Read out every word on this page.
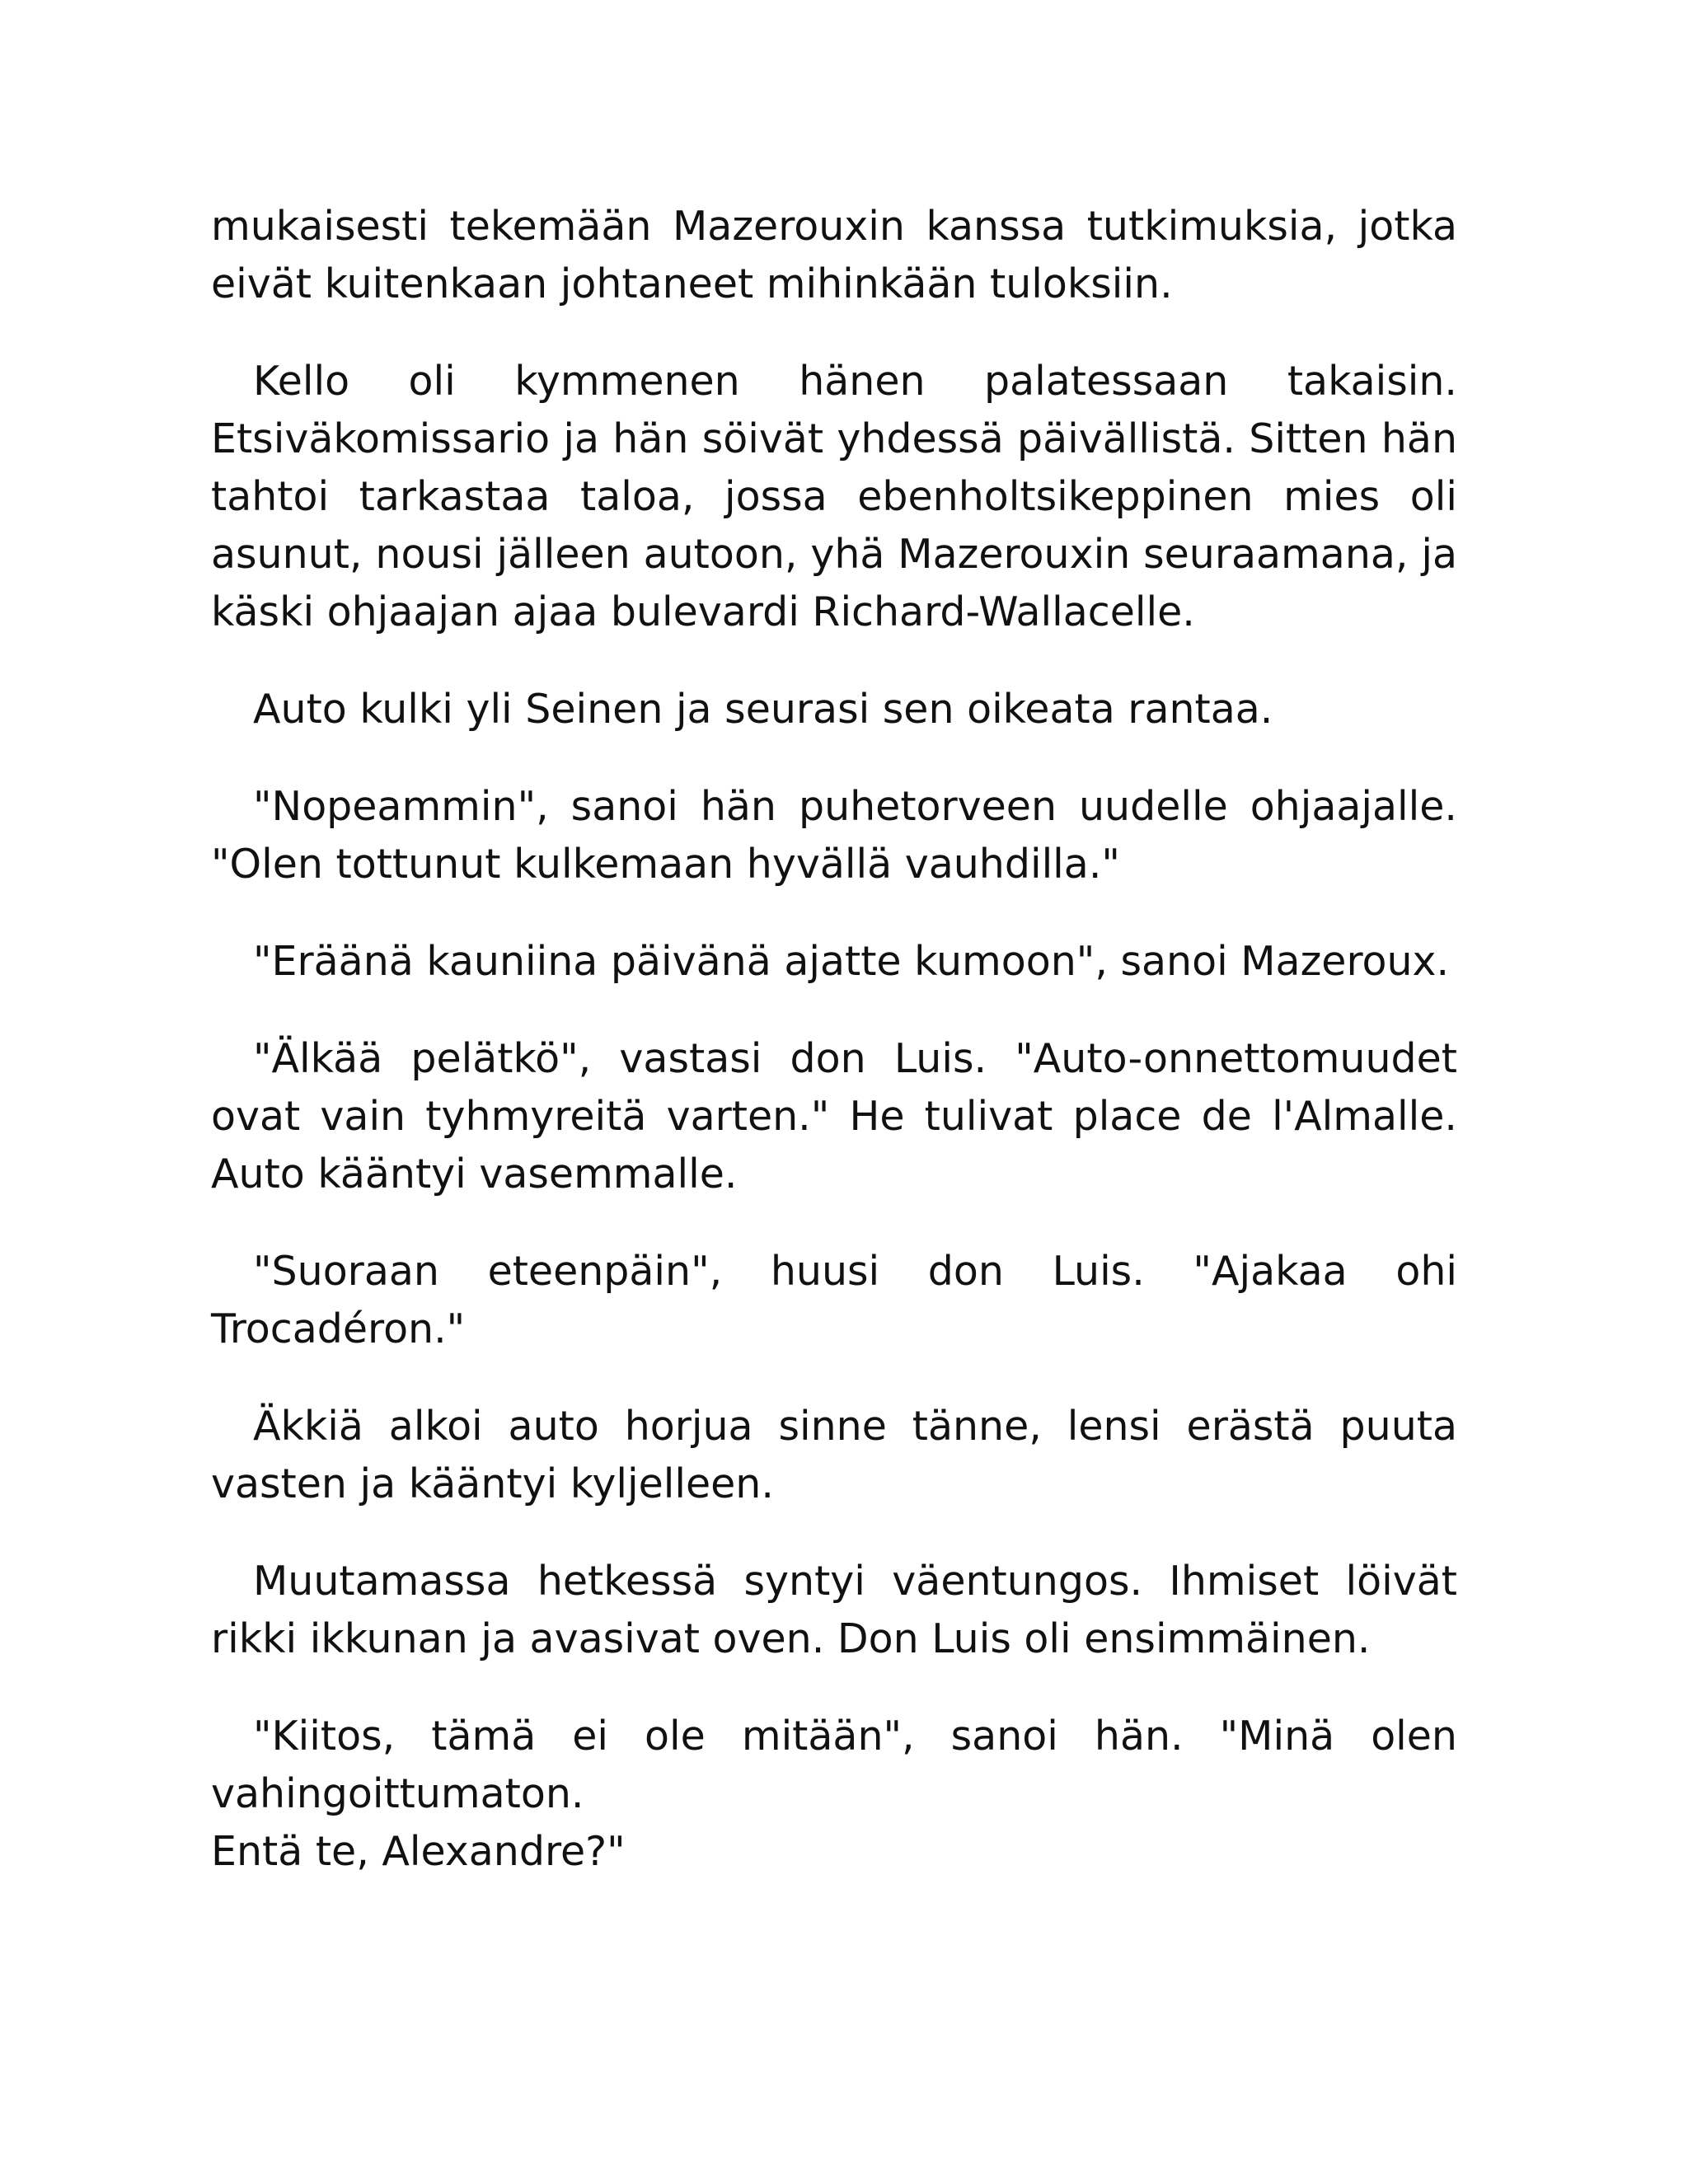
mukaisesti tekemään Mazerouxin kanssa tutkimuksia, jotka eivät kuitenkaan johtaneet mihinkään tuloksiin.

Kello oli kymmenen hänen palatessaan takaisin. Etsiväkomissario ja hän söivät yhdessä päivällistä. Sitten hän tahtoi tarkastaa taloa, jossa ebenholtsikeppinen mies oli asunut, nousi jälleen autoon, yhä Mazerouxin seuraamana, ja käski ohjaajan ajaa bulevardi Richard-Wallacelle.

Auto kulki yli Seinen ja seurasi sen oikeata rantaa.

"Nopeammin", sanoi hän puhetorveen uudelle ohjaajalle. "Olen tottunut kulkemaan hyvällä vauhdilla."

"Eräänä kauniina päivänä ajatte kumoon", sanoi Mazeroux.

"Älkää pelätkö", vastasi don Luis. "Auto-onnettomuudet ovat vain tyhmyreitä varten." He tulivat place de l'Almalle. Auto kääntyi vasemmalle.

"Suoraan eteenpäin", huusi don Luis. "Ajakaa ohi Trocadéron."

Äkkiä alkoi auto horjua sinne tänne, lensi erästä puuta vasten ja kääntyi kyljelleen.

Muutamassa hetkessä syntyi väentungos. Ihmiset löivät rikki ikkunan ja avasivat oven. Don Luis oli ensimmäinen.

"Kiitos, tämä ei ole mitään", sanoi hän. "Minä olen vahingoittumaton.

Entä te, Alexandre?"
